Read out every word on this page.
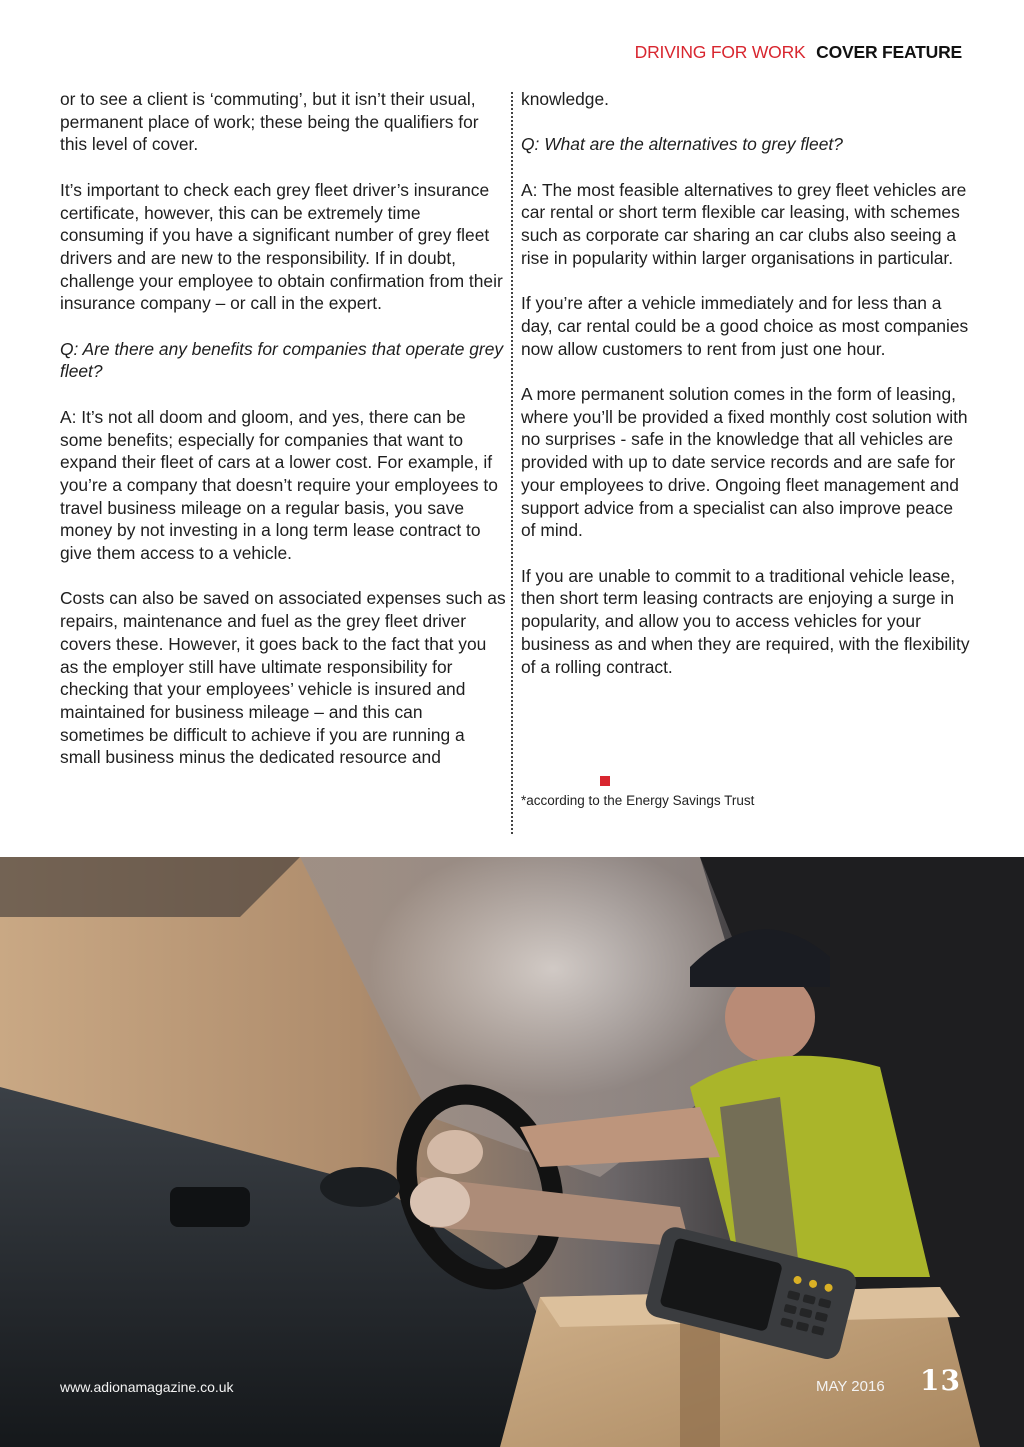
DRIVING FOR WORK COVER FEATURE

or to see a client is ‘commuting’, but it isn’t their usual, permanent place of work; these being the qualifiers for this level of cover.

It’s important to check each grey fleet driver’s insurance certificate, however, this can be extremely time consuming if you have a significant number of grey fleet drivers and are new to the responsibility. If in doubt, challenge your employee to obtain confirmation from their insurance company – or call in the expert.

Q: Are there any benefits for companies that operate grey fleet?

A: It’s not all doom and gloom, and yes, there can be some benefits; especially for companies that want to expand their fleet of cars at a lower cost. For example, if you’re a company that doesn’t require your employees to travel business mileage on a regular basis, you save money by not investing in a long term lease contract to give them access to a vehicle.

Costs can also be saved on associated expenses such as repairs, maintenance and fuel as the grey fleet driver covers these. However, it goes back to the fact that you as the employer still have ultimate responsibility for checking that your employees’ vehicle is insured and maintained for business mileage – and this can sometimes be difficult to achieve if you are running a small business minus the dedicated resource and

knowledge.

Q: What are the alternatives to grey fleet?

A: The most feasible alternatives to grey fleet vehicles are car rental or short term flexible car leasing, with schemes such as corporate car sharing an car clubs also seeing a rise in popularity within larger organisations in particular.

If you’re after a vehicle immediately and for less than a day, car rental could be a good choice as most companies now allow customers to rent from just one hour.

A more permanent solution comes in the form of leasing, where you’ll be provided a fixed monthly cost solution with no surprises - safe in the knowledge that all vehicles are provided with up to date service records and are safe for your employees to drive. Ongoing fleet management and support advice from a specialist can also improve peace of mind.

If you are unable to commit to a traditional vehicle lease, then short term leasing contracts are enjoying a surge in popularity, and allow you to access vehicles for your business as and when they are required, with the flexibility of a rolling contract.

*according to the Energy Savings Trust
www.adionamagazine.co.uk	MAY 2016 13
